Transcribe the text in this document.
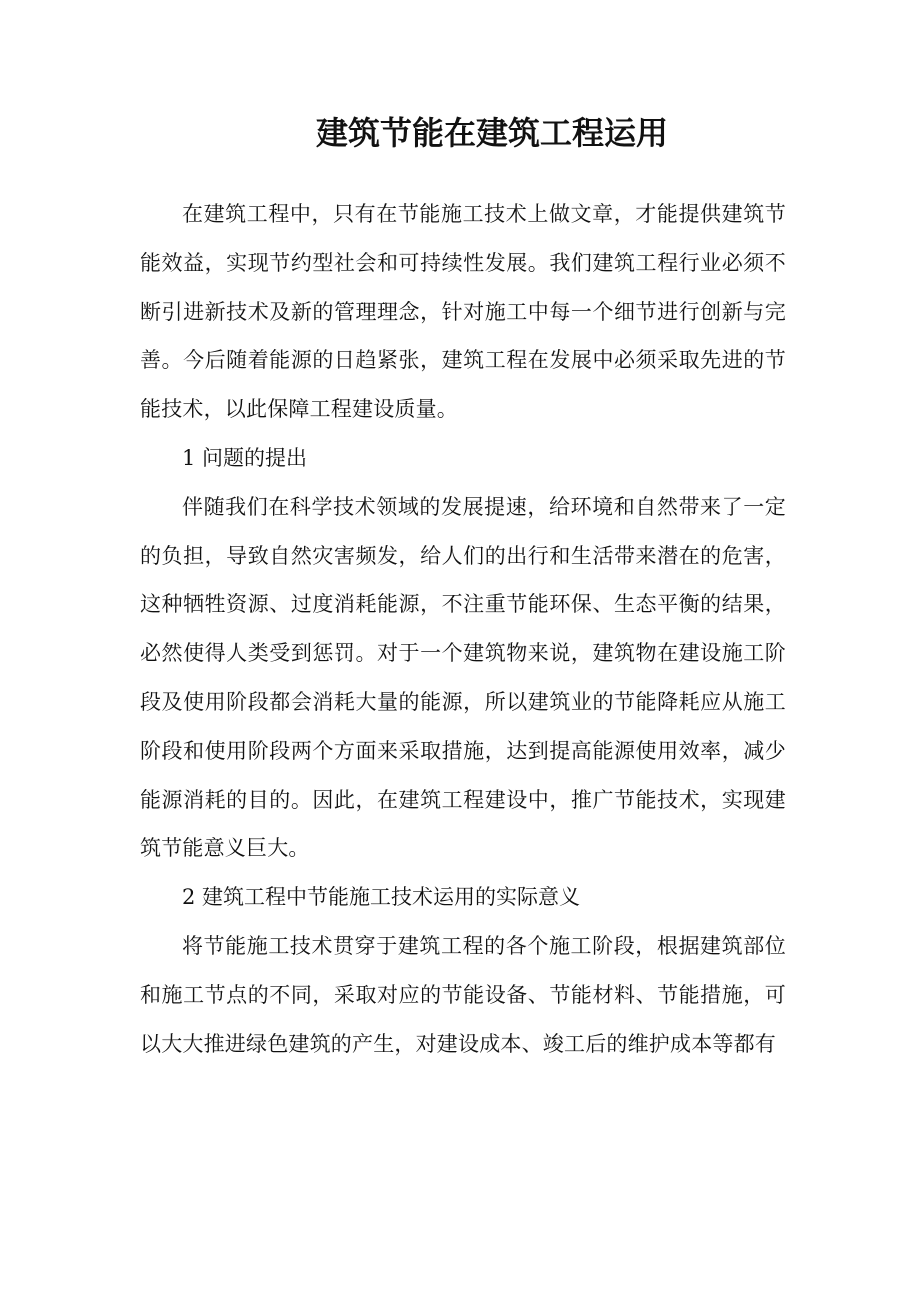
建筑节能在建筑工程运用

在建筑工程中，只有在节能施工技术上做文章，才能提供建筑节能效益，实现节约型社会和可持续性发展。我们建筑工程行业必须不断引进新技术及新的管理理念，针对施工中每一个细节进行创新与完善。今后随着能源的日趋紧张，建筑工程在发展中必须采取先进的节能技术，以此保障工程建设质量。

1 问题的提出

伴随我们在科学技术领域的发展提速，给环境和自然带来了一定的负担，导致自然灾害频发，给人们的出行和生活带来潜在的危害，这种牺牲资源、过度消耗能源，不注重节能环保、生态平衡的结果，必然使得人类受到惩罚。对于一个建筑物来说，建筑物在建设施工阶段及使用阶段都会消耗大量的能源，所以建筑业的节能降耗应从施工阶段和使用阶段两个方面来采取措施，达到提高能源使用效率，减少能源消耗的目的。因此，在建筑工程建设中，推广节能技术，实现建筑节能意义巨大。

2 建筑工程中节能施工技术运用的实际意义

将节能施工技术贯穿于建筑工程的各个施工阶段，根据建筑部位和施工节点的不同，采取对应的节能设备、节能材料、节能措施，可以大大推进绿色建筑的产生，对建设成本、竣工后的维护成本等都有
